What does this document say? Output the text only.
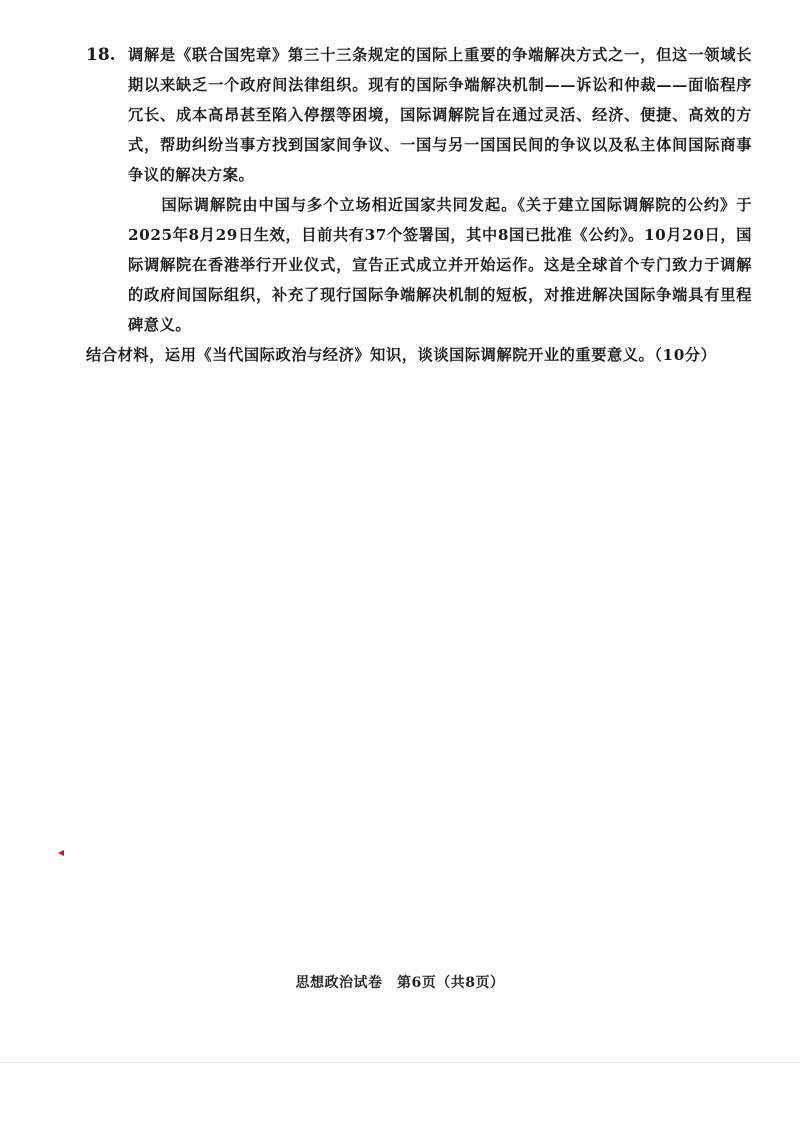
18. 调解是《联合国宪章》第三十三条规定的国际上重要的争端解决方式之一，但这一领域长期以来缺乏一个政府间法律组织。现有的国际争端解决机制——诉讼和仲裁——面临程序冗长、成本高昂甚至陷入停摆等困境，国际调解院旨在通过灵活、经济、便捷、高效的方式，帮助纠纷当事方找到国家间争议、一国与另一国国民间的争议以及私主体间国际商事争议的解决方案。

国际调解院由中国与多个立场相近国家共同发起。《关于建立国际调解院的公约》于2025年8月29日生效，目前共有37个签署国，其中8国已批准《公约》。10月20日，国际调解院在香港举行开业仪式，宣告正式成立并开始运作。这是全球首个专门致力于调解的政府间国际组织，补充了现行国际争端解决机制的短板，对推进解决国际争端具有里程碑意义。

结合材料，运用《当代国际政治与经济》知识，谈谈国际调解院开业的重要意义。（10分）

思想政治试卷　第6页（共8页）
